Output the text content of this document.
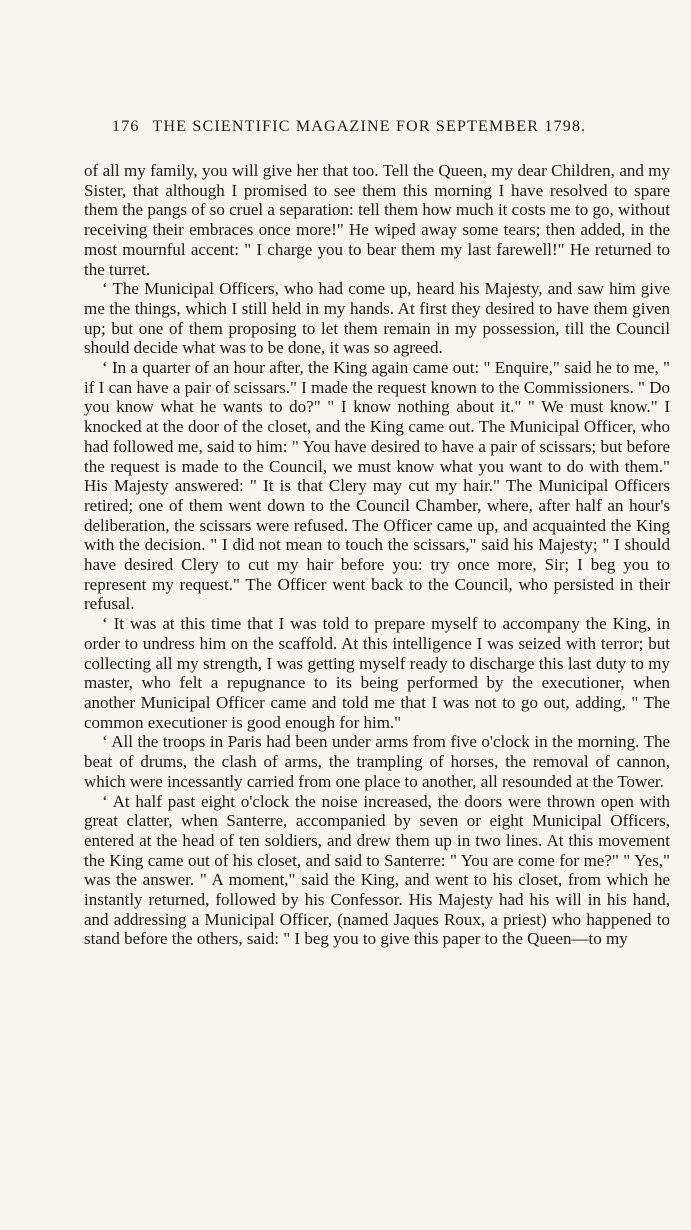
176 THE SCIENTIFIC MAGAZINE FOR SEPTEMBER 1798.

of all my family, you will give her that too. Tell the Queen, my dear Children, and my Sister, that although I promised to see them this morning I have resolved to spare them the pangs of so cruel a separation: tell them how much it costs me to go, without receiving their embraces once more!" He wiped away some tears; then added, in the most mournful accent: " I charge you to bear them my last farewell!" He returned to the turret.

‘ The Municipal Officers, who had come up, heard his Majesty, and saw him give me the things, which I still held in my hands. At first they desired to have them given up; but one of them proposing to let them remain in my possession, till the Council should decide what was to be done, it was so agreed.

‘ In a quarter of an hour after, the King again came out: " Enquire," said he to me, " if I can have a pair of scissars." I made the request known to the Commissioners. " Do you know what he wants to do?" " I know nothing about it." " We must know." I knocked at the door of the closet, and the King came out. The Municipal Officer, who had followed me, said to him: " You have desired to have a pair of scissars; but before the request is made to the Council, we must know what you want to do with them." His Majesty answered: " It is that Clery may cut my hair." The Municipal Officers retired; one of them went down to the Council Chamber, where, after half an hour's deliberation, the scissars were refused. The Officer came up, and acquainted the King with the decision. " I did not mean to touch the scissars," said his Majesty; " I should have desired Clery to cut my hair before you: try once more, Sir; I beg you to represent my request." The Officer went back to the Council, who persisted in their refusal.

‘ It was at this time that I was told to prepare myself to accompany the King, in order to undress him on the scaffold. At this intelligence I was seized with terror; but collecting all my strength, I was getting myself ready to discharge this last duty to my master, who felt a repugnance to its being performed by the executioner, when another Municipal Officer came and told me that I was not to go out, adding, " The common executioner is good enough for him."

‘ All the troops in Paris had been under arms from five o'clock in the morning. The beat of drums, the clash of arms, the trampling of horses, the removal of cannon, which were incessantly carried from one place to another, all resounded at the Tower.

‘ At half past eight o'clock the noise increased, the doors were thrown open with great clatter, when Santerre, accompanied by seven or eight Municipal Officers, entered at the head of ten soldiers, and drew them up in two lines. At this movement the King came out of his closet, and said to Santerre: " You are come for me?" " Yes," was the answer. " A moment," said the King, and went to his closet, from which he instantly returned, followed by his Confessor. His Majesty had his will in his hand, and addressing a Municipal Officer, (named Jaques Roux, a priest) who happened to stand before the others, said: " I beg you to give this paper to the Queen—to my
